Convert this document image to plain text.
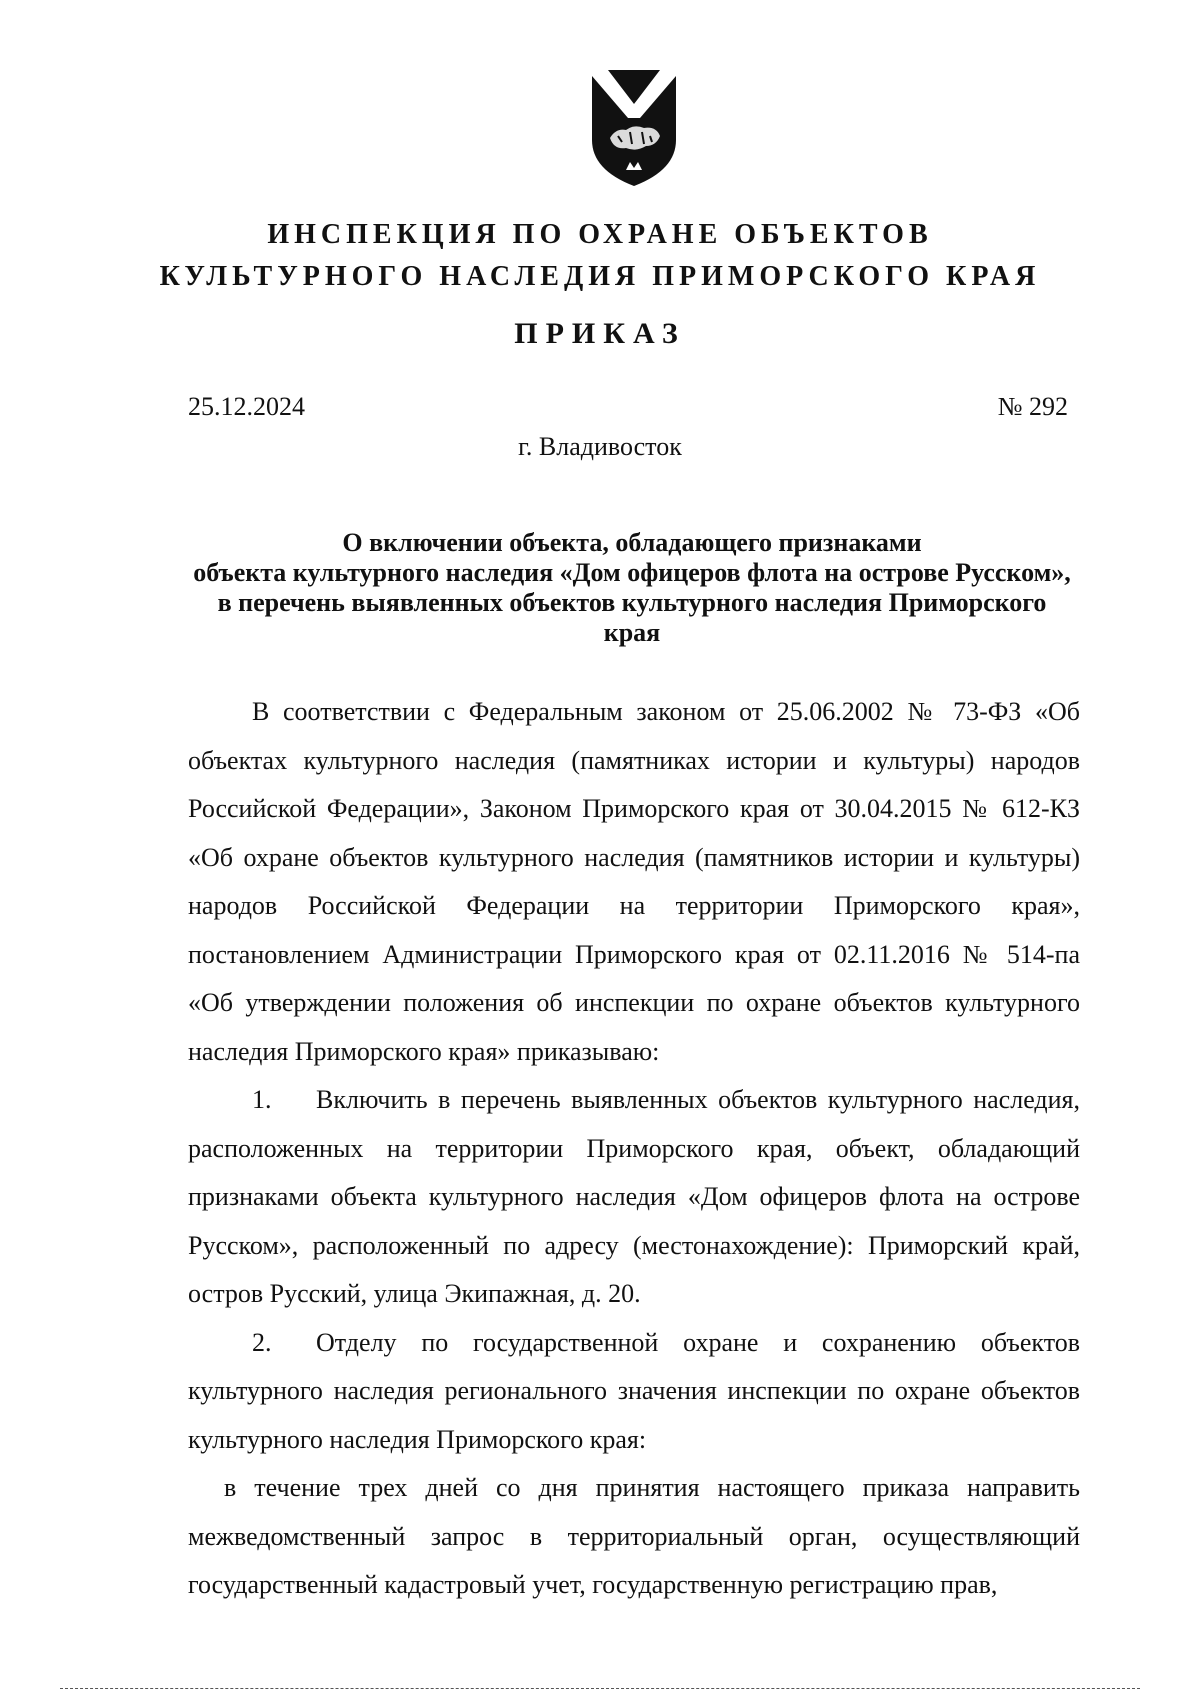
ИНСПЕКЦИЯ ПО ОХРАНЕ ОБЪЕКТОВ
КУЛЬТУРНОГО НАСЛЕДИЯ ПРИМОРСКОГО КРАЯ
ПРИКАЗ
25.12.2024	№ 292
г. Владивосток
О включении объекта, обладающего признаками
объекта культурного наследия «Дом офицеров флота на острове Русском»,
в перечень выявленных объектов культурного наследия Приморского
края

В соответствии с Федеральным законом от 25.06.2002 № 73-ФЗ «Об объектах культурного наследия (памятниках истории и культуры) народов Российской Федерации», Законом Приморского края от 30.04.2015 № 612-КЗ «Об охране объектов культурного наследия (памятников истории и культуры) народов Российской Федерации на территории Приморского края», постановлением Администрации Приморского края от 02.11.2016 № 514-па «Об утверждении положения об инспекции по охране объектов культурного наследия Приморского края» приказываю:

1. Включить в перечень выявленных объектов культурного наследия, расположенных на территории Приморского края, объект, обладающий признаками объекта культурного наследия «Дом офицеров флота на острове Русском», расположенный по адресу (местонахождение): Приморский край, остров Русский, улица Экипажная, д. 20.

2. Отделу по государственной охране и сохранению объектов культурного наследия регионального значения инспекции по охране объектов культурного наследия Приморского края:

в течение трех дней со дня принятия настоящего приказа направить межведомственный запрос в территориальный орган, осуществляющий государственный кадастровый учет, государственную регистрацию прав,
